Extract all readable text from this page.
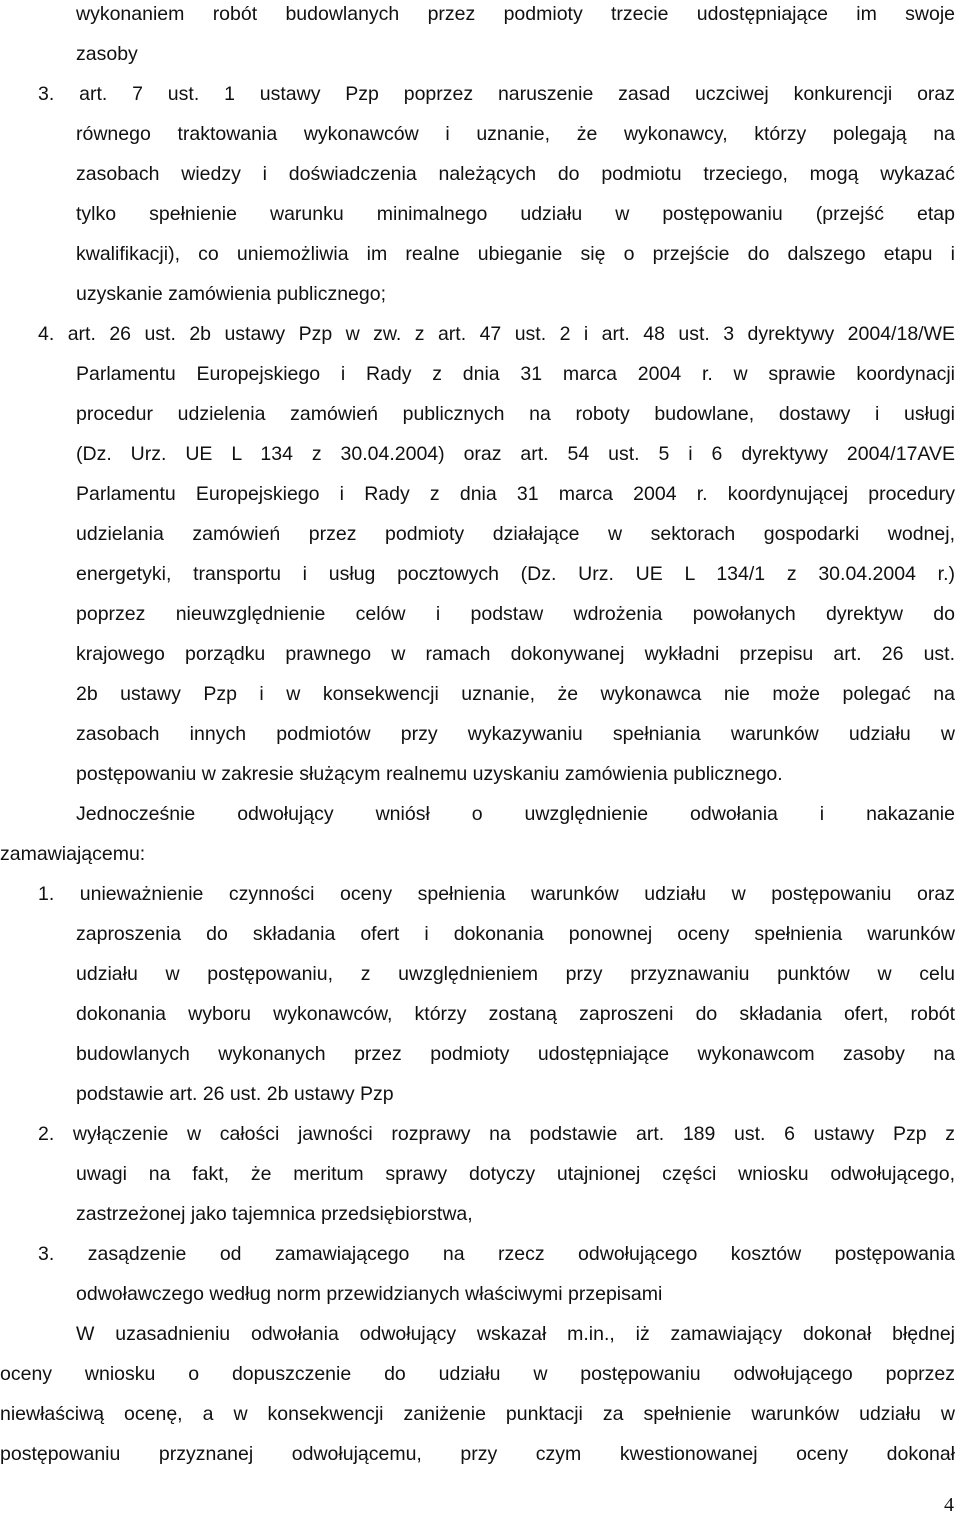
wykonaniem robót budowlanych przez podmioty trzecie udostępniające im swoje
zasoby
3. art. 7 ust. 1 ustawy Pzp poprzez naruszenie zasad uczciwej konkurencji oraz
równego traktowania wykonawców i uznanie, że wykonawcy, którzy polegają na
zasobach wiedzy i doświadczenia należących do podmiotu trzeciego, mogą wykazać
tylko spełnienie warunku minimalnego udziału w postępowaniu (przejść etap
kwalifikacji), co uniemożliwia im realne ubieganie się o przejście do dalszego etapu i
uzyskanie zamówienia publicznego;
4. art. 26 ust. 2b ustawy Pzp w zw. z art. 47 ust. 2 i art. 48 ust. 3 dyrektywy 2004/18/WE
Parlamentu Europejskiego i Rady z dnia 31 marca 2004 r. w sprawie koordynacji
procedur udzielenia zamówień publicznych na roboty budowlane, dostawy i usługi
(Dz. Urz. UE L 134 z 30.04.2004) oraz art. 54 ust. 5 i 6 dyrektywy 2004/17AVE
Parlamentu Europejskiego i Rady z dnia 31 marca 2004 r. koordynującej procedury
udzielania zamówień przez podmioty działające w sektorach gospodarki wodnej,
energetyki, transportu i usług pocztowych (Dz. Urz. UE L 134/1 z 30.04.2004 r.)
poprzez nieuwzględnienie celów i podstaw wdrożenia powołanych dyrektyw do
krajowego porządku prawnego w ramach dokonywanej wykładni przepisu art. 26 ust.
2b ustawy Pzp i w konsekwencji uznanie, że wykonawca nie może polegać na
zasobach innych podmiotów przy wykazywaniu spełniania warunków udziału w
postępowaniu w zakresie służącym realnemu uzyskaniu zamówienia publicznego.
Jednocześnie odwołujący wniósł o uwzględnienie odwołania i nakazanie
zamawiającemu:
1. unieważnienie czynności oceny spełnienia warunków udziału w postępowaniu oraz
zaproszenia do składania ofert i dokonania ponownej oceny spełnienia warunków
udziału w postępowaniu, z uwzględnieniem przy przyznawaniu punktów w celu
dokonania wyboru wykonawców, którzy zostaną zaproszeni do składania ofert, robót
budowlanych wykonanych przez podmioty udostępniające wykonawcom zasoby na
podstawie art. 26 ust. 2b ustawy Pzp
2. wyłączenie w całości jawności rozprawy na podstawie art. 189 ust. 6 ustawy Pzp z
uwagi na fakt, że meritum sprawy dotyczy utajnionej części wniosku odwołującego,
zastrzeżonej jako tajemnica przedsiębiorstwa,
3. zasądzenie od zamawiającego na rzecz odwołującego kosztów postępowania
odwoławczego według norm przewidzianych właściwymi przepisami
W uzasadnieniu odwołania odwołujący wskazał m.in., iż zamawiający dokonał błędnej
oceny wniosku o dopuszczenie do udziału w postępowaniu odwołującego poprzez
niewłaściwą ocenę, a w konsekwencji zaniżenie punktacji za spełnienie warunków udziału w
postępowaniu przyznanej odwołującemu, przy czym kwestionowanej oceny dokonał
4
